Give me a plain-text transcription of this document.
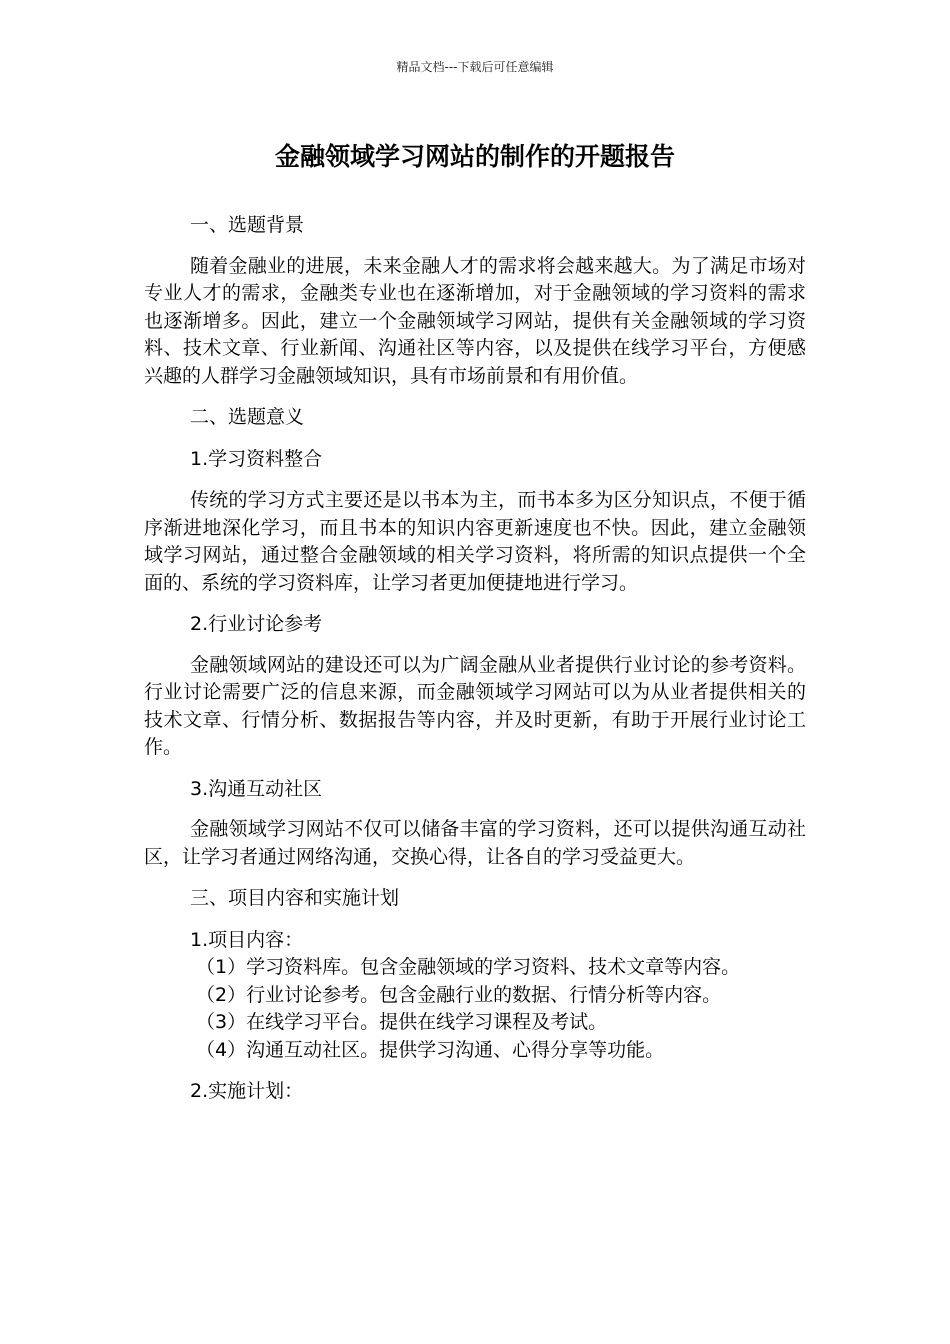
精品文档---下载后可任意编辑
金融领域学习网站的制作的开题报告

一、选题背景

随着金融业的进展，未来金融人才的需求将会越来越大。为了满足市场对专业人才的需求，金融类专业也在逐渐增加，对于金融领域的学习资料的需求也逐渐增多。因此，建立一个金融领域学习网站，提供有关金融领域的学习资料、技术文章、行业新闻、沟通社区等内容，以及提供在线学习平台，方便感兴趣的人群学习金融领域知识，具有市场前景和有用价值。

二、选题意义

1.学习资料整合

传统的学习方式主要还是以书本为主，而书本多为区分知识点，不便于循序渐进地深化学习，而且书本的知识内容更新速度也不快。因此，建立金融领域学习网站，通过整合金融领域的相关学习资料，将所需的知识点提供一个全面的、系统的学习资料库，让学习者更加便捷地进行学习。

2.行业讨论参考

金融领域网站的建设还可以为广阔金融从业者提供行业讨论的参考资料。行业讨论需要广泛的信息来源，而金融领域学习网站可以为从业者提供相关的技术文章、行情分析、数据报告等内容，并及时更新，有助于开展行业讨论工作。

3.沟通互动社区

金融领域学习网站不仅可以储备丰富的学习资料，还可以提供沟通互动社区，让学习者通过网络沟通，交换心得，让各自的学习受益更大。

三、项目内容和实施计划

1.项目内容：

（1）学习资料库。包含金融领域的学习资料、技术文章等内容。

（2）行业讨论参考。包含金融行业的数据、行情分析等内容。

（3）在线学习平台。提供在线学习课程及考试。

（4）沟通互动社区。提供学习沟通、心得分享等功能。

2.实施计划：
